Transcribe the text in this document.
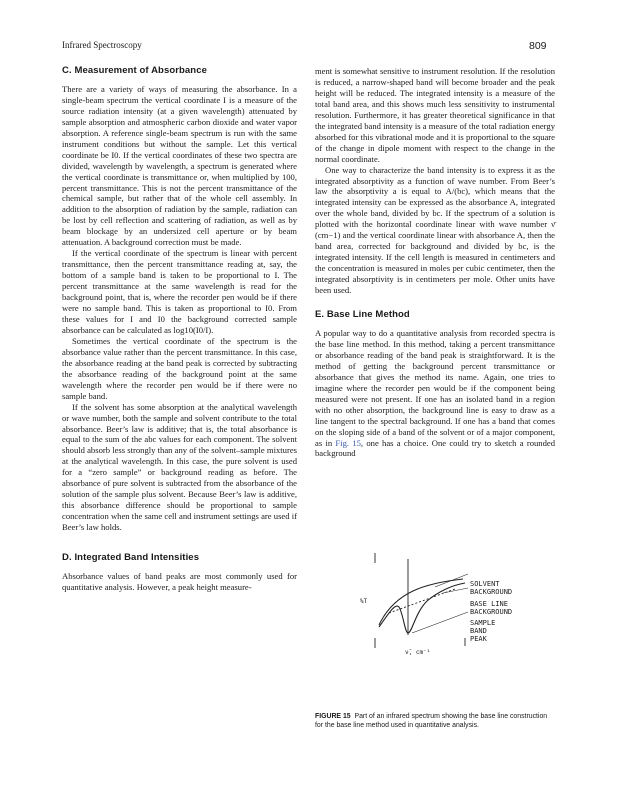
Infrared Spectroscopy	809
C. Measurement of Absorbance

There are a variety of ways of measuring the absorbance. In a single-beam spectrum the vertical coordinate I is a measure of the source radiation intensity (at a given wavelength) attenuated by sample absorption and atmospheric carbon dioxide and water vapor absorption. A reference single-beam spectrum is run with the same instrument conditions but without the sample. Let this vertical coordinate be I0. If the vertical coordinates of these two spectra are divided, wavelength by wavelength, a spectrum is generated where the vertical coordinate is transmittance or, when multiplied by 100, percent transmittance. This is not the percent transmittance of the chemical sample, but rather that of the whole cell assembly. In addition to the absorption of radiation by the sample, radiation can be lost by cell reflection and scattering of radiation, as well as by beam blockage by an undersized cell aperture or by beam attenuation. A background correction must be made.

If the vertical coordinate of the spectrum is linear with percent transmittance, then the percent transmittance reading at, say, the bottom of a sample band is taken to be proportional to I. The percent transmittance at the same wavelength is read for the background point, that is, where the recorder pen would be if there were no sample band. This is taken as proportional to I0. From these values for I and I0 the background corrected sample absorbance can be calculated as log10(I0/I).

Sometimes the vertical coordinate of the spectrum is the absorbance value rather than the percent transmittance. In this case, the absorbance reading at the band peak is corrected by subtracting the absorbance reading of the background point at the same wavelength where the recorder pen would be if there were no sample band.

If the solvent has some absorption at the analytical wavelength or wave number, both the sample and solvent contribute to the total absorbance. Beer’s law is additive; that is, the total absorbance is equal to the sum of the abc values for each component. The solvent should absorb less strongly than any of the solvent–sample mixtures at the analytical wavelength. In this case, the pure solvent is used for a “zero sample” or background reading as before. The absorbance of pure solvent is subtracted from the absorbance of the solution of the sample plus solvent. Because Beer’s law is additive, this absorbance difference should be proportional to sample concentration when the same cell and instrument settings are used if Beer’s law holds.

D. Integrated Band Intensities

Absorbance values of band peaks are most commonly used for quantitative analysis. However, a peak height measure-

ment is somewhat sensitive to instrument resolution. If the resolution is reduced, a narrow-shaped band will become broader and the peak height will be reduced. The integrated intensity is a measure of the total band area, and this shows much less sensitivity to instrumental resolution. Furthermore, it has greater theoretical significance in that the integrated band intensity is a measure of the total radiation energy absorbed for this vibrational mode and it is proportional to the square of the change in dipole moment with respect to the change in the normal coordinate.

One way to characterize the band intensity is to express it as the integrated absorptivity as a function of wave number. From Beer’s law the absorptivity a is equal to A/(bc), which means that the integrated intensity can be expressed as the absorbance A, integrated over the whole band, divided by bc. If the spectrum of a solution is plotted with the horizontal coordinate linear with wave number ν̄ (cm−1) and the vertical coordinate linear with absorbance A, then the band area, corrected for background and divided by bc, is the integrated intensity. If the cell length is measured in centimeters and the concentration is measured in moles per cubic centimeter, then the integrated absorptivity is in centimeters per mole. Other units have been used.

E. Base Line Method

A popular way to do a quantitative analysis from recorded spectra is the base line method. In this method, taking a percent transmittance or absorbance reading of the band peak is straightforward. It is the method of getting the background percent transmittance or absorbance that gives the method its name. Again, one tries to imagine where the recorder pen would be if the component being measured were not present. If one has an isolated band in a region with no other absorption, the background line is easy to draw as a line tangent to the spectral background. If one has a band that comes on the sloping side of a band of the solvent or of a major component, as in Fig. 15, one has a choice. One could try to sketch a rounded background

SOLVENT
BACKGROUND
BASE LINE
BACKGROUND
SAMPLE
BAND
PEAK
%T
ν̄, cm⁻¹
FIGURE 15 Part of an infrared spectrum showing the base line construction for the base line method used in quantitative analysis.
